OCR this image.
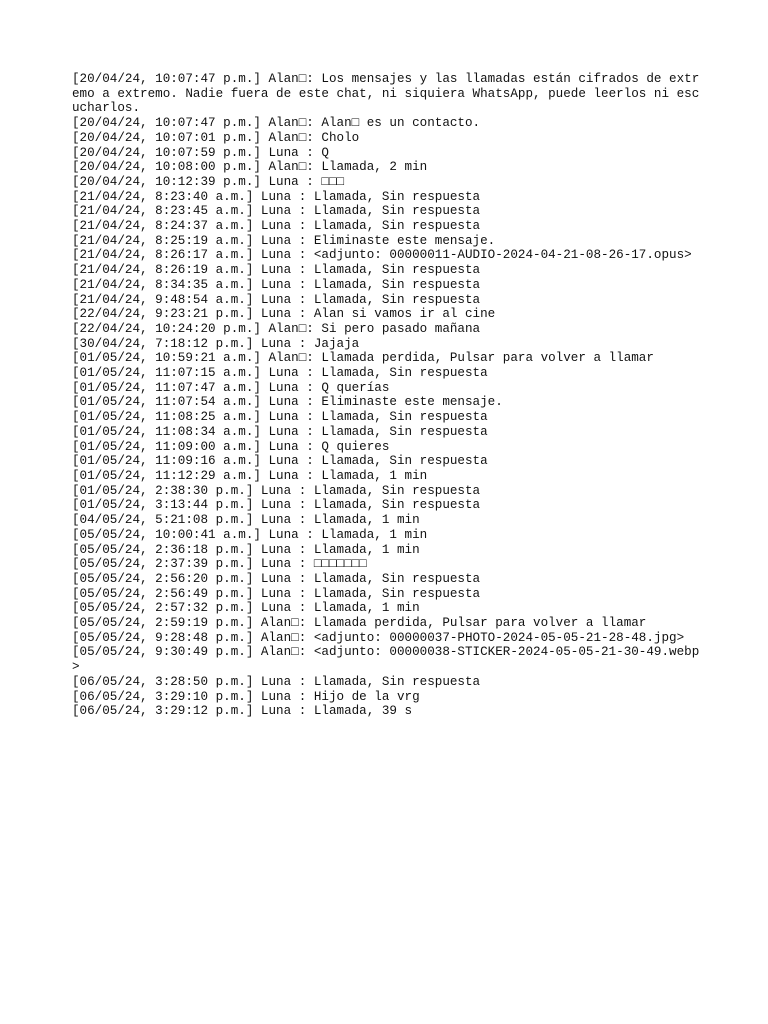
[20/04/24, 10:07:47 p.m.] Alan□: Los mensajes y las llamadas están cifrados de extremo a extremo. Nadie fuera de este chat, ni siquiera WhatsApp, puede leerlos ni escucharlos.

[20/04/24, 10:07:47 p.m.] Alan□: Alan□ es un contacto.

[20/04/24, 10:07:01 p.m.] Alan□: Cholo

[20/04/24, 10:07:59 p.m.] Luna : Q

[20/04/24, 10:08:00 p.m.] Alan□: Llamada, 2 min

[20/04/24, 10:12:39 p.m.] Luna : □□□

[21/04/24, 8:23:40 a.m.] Luna : Llamada, Sin respuesta

[21/04/24, 8:23:45 a.m.] Luna : Llamada, Sin respuesta

[21/04/24, 8:24:37 a.m.] Luna : Llamada, Sin respuesta

[21/04/24, 8:25:19 a.m.] Luna : Eliminaste este mensaje.

[21/04/24, 8:26:17 a.m.] Luna : <adjunto: 00000011-AUDIO-2024-04-21-08-26-17.opus>

[21/04/24, 8:26:19 a.m.] Luna : Llamada, Sin respuesta

[21/04/24, 8:34:35 a.m.] Luna : Llamada, Sin respuesta

[21/04/24, 9:48:54 a.m.] Luna : Llamada, Sin respuesta

[22/04/24, 9:23:21 p.m.] Luna : Alan si vamos ir al cine

[22/04/24, 10:24:20 p.m.] Alan□: Si pero pasado mañana

[30/04/24, 7:18:12 p.m.] Luna : Jajaja

[01/05/24, 10:59:21 a.m.] Alan□: Llamada perdida, Pulsar para volver a llamar

[01/05/24, 11:07:15 a.m.] Luna : Llamada, Sin respuesta

[01/05/24, 11:07:47 a.m.] Luna : Q querías

[01/05/24, 11:07:54 a.m.] Luna : Eliminaste este mensaje.

[01/05/24, 11:08:25 a.m.] Luna : Llamada, Sin respuesta

[01/05/24, 11:08:34 a.m.] Luna : Llamada, Sin respuesta

[01/05/24, 11:09:00 a.m.] Luna : Q quieres

[01/05/24, 11:09:16 a.m.] Luna : Llamada, Sin respuesta

[01/05/24, 11:12:29 a.m.] Luna : Llamada, 1 min

[01/05/24, 2:38:30 p.m.] Luna : Llamada, Sin respuesta

[01/05/24, 3:13:44 p.m.] Luna : Llamada, Sin respuesta

[04/05/24, 5:21:08 p.m.] Luna : Llamada, 1 min

[05/05/24, 10:00:41 a.m.] Luna : Llamada, 1 min

[05/05/24, 2:36:18 p.m.] Luna : Llamada, 1 min

[05/05/24, 2:37:39 p.m.] Luna : □□□□□□□

[05/05/24, 2:56:20 p.m.] Luna : Llamada, Sin respuesta

[05/05/24, 2:56:49 p.m.] Luna : Llamada, Sin respuesta

[05/05/24, 2:57:32 p.m.] Luna : Llamada, 1 min

[05/05/24, 2:59:19 p.m.] Alan□: Llamada perdida, Pulsar para volver a llamar

[05/05/24, 9:28:48 p.m.] Alan□: <adjunto: 00000037-PHOTO-2024-05-05-21-28-48.jpg>

[05/05/24, 9:30:49 p.m.] Alan□: <adjunto: 00000038-STICKER-2024-05-05-21-30-49.webp>

[06/05/24, 3:28:50 p.m.] Luna : Llamada, Sin respuesta

[06/05/24, 3:29:10 p.m.] Luna : Hijo de la vrg

[06/05/24, 3:29:12 p.m.] Luna : Llamada, 39 s
